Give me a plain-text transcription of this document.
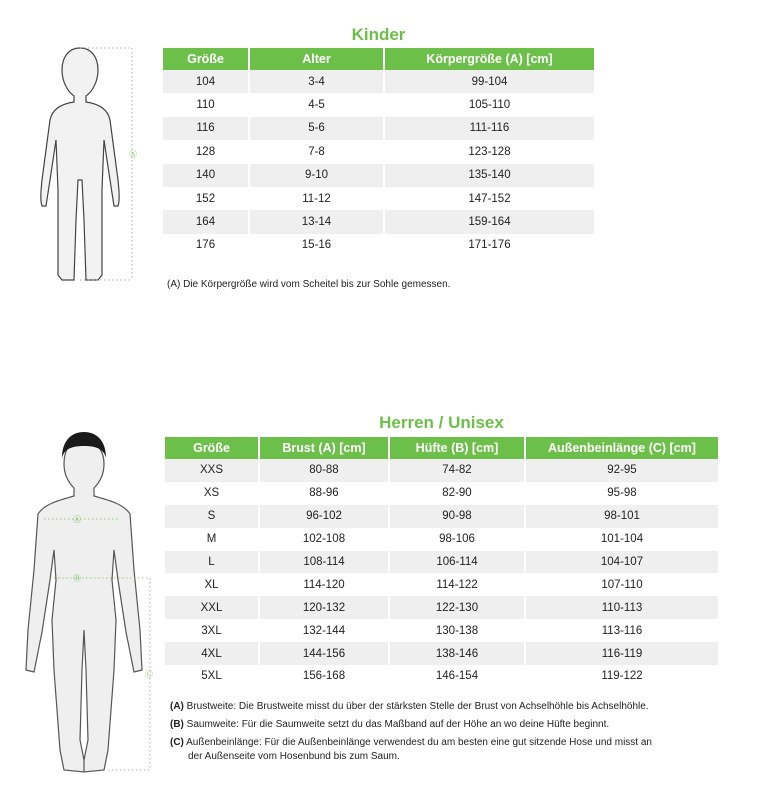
Ⓐ
Ⓐ
Ⓑ
Ⓒ
Kinder
Größe	Alter	Körpergröße (A) [cm]
104	3-4	99-104
110	4-5	105-110
116	5-6	111-116
128	7-8	123-128
140	9-10	135-140
152	11-12	147-152
164	13-14	159-164
176	15-16	171-176
(A) Die Körpergröße wird vom Scheitel bis zur Sohle gemessen.
Herren / Unisex
Größe	Brust (A) [cm]	Hüfte (B) [cm]	Außenbeinlänge (C) [cm]
XXS	80-88	74-82	92-95
XS	88-96	82-90	95-98
S	96-102	90-98	98-101
M	102-108	98-106	101-104
L	108-114	106-114	104-107
XL	114-120	114-122	107-110
XXL	120-132	122-130	110-113
3XL	132-144	130-138	113-116
4XL	144-156	138-146	116-119
5XL	156-168	146-154	119-122
(A) Brustweite: Die Brustweite misst du über der stärksten Stelle der Brust von Achselhöhle bis Achselhöhle.
(B) Saumweite: Für die Saumweite setzt du das Maßband auf der Höhe an wo deine Hüfte beginnt.
(C) Außenbeinlänge: Für die Außenbeinlänge verwendest du am besten eine gut sitzende Hose und misst an
der Außenseite vom Hosenbund bis zum Saum.
